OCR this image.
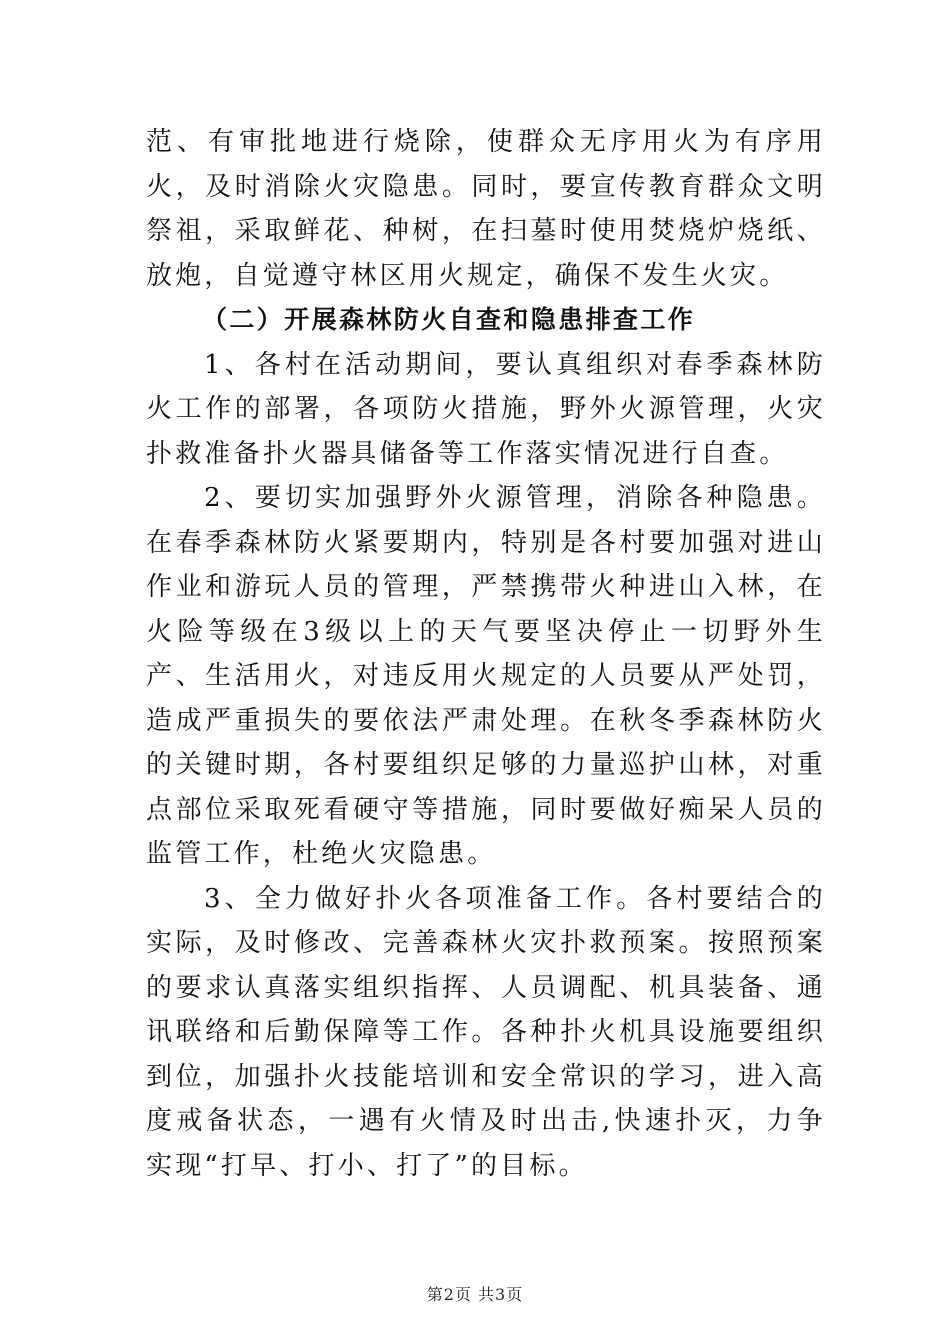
范、有审批地进行烧除，使群众无序用火为有序用火，及时消除火灾隐患。同时，要宣传教育群众文明祭祖，采取鲜花、种树，在扫墓时使用焚烧炉烧纸、放炮，自觉遵守林区用火规定，确保不发生火灾。

（二）开展森林防火自查和隐患排查工作

1、各村在活动期间，要认真组织对春季森林防火工作的部署，各项防火措施，野外火源管理，火灾扑救准备扑火器具储备等工作落实情况进行自查。

2、要切实加强野外火源管理，消除各种隐患。在春季森林防火紧要期内，特别是各村要加强对进山作业和游玩人员的管理，严禁携带火种进山入林，在火险等级在3级以上的天气要坚决停止一切野外生产、生活用火，对违反用火规定的人员要从严处罚，造成严重损失的要依法严肃处理。在秋冬季森林防火的关键时期，各村要组织足够的力量巡护山林，对重点部位采取死看硬守等措施，同时要做好痴呆人员的监管工作，杜绝火灾隐患。

3、全力做好扑火各项准备工作。各村要结合的实际，及时修改、完善森林火灾扑救预案。按照预案的要求认真落实组织指挥、人员调配、机具装备、通讯联络和后勤保障等工作。各种扑火机具设施要组织到位，加强扑火技能培训和安全常识的学习，进入高度戒备状态，一遇有火情及时出击,快速扑灭，力争实现“打早、打小、打了”的目标。

第2页 共3页
